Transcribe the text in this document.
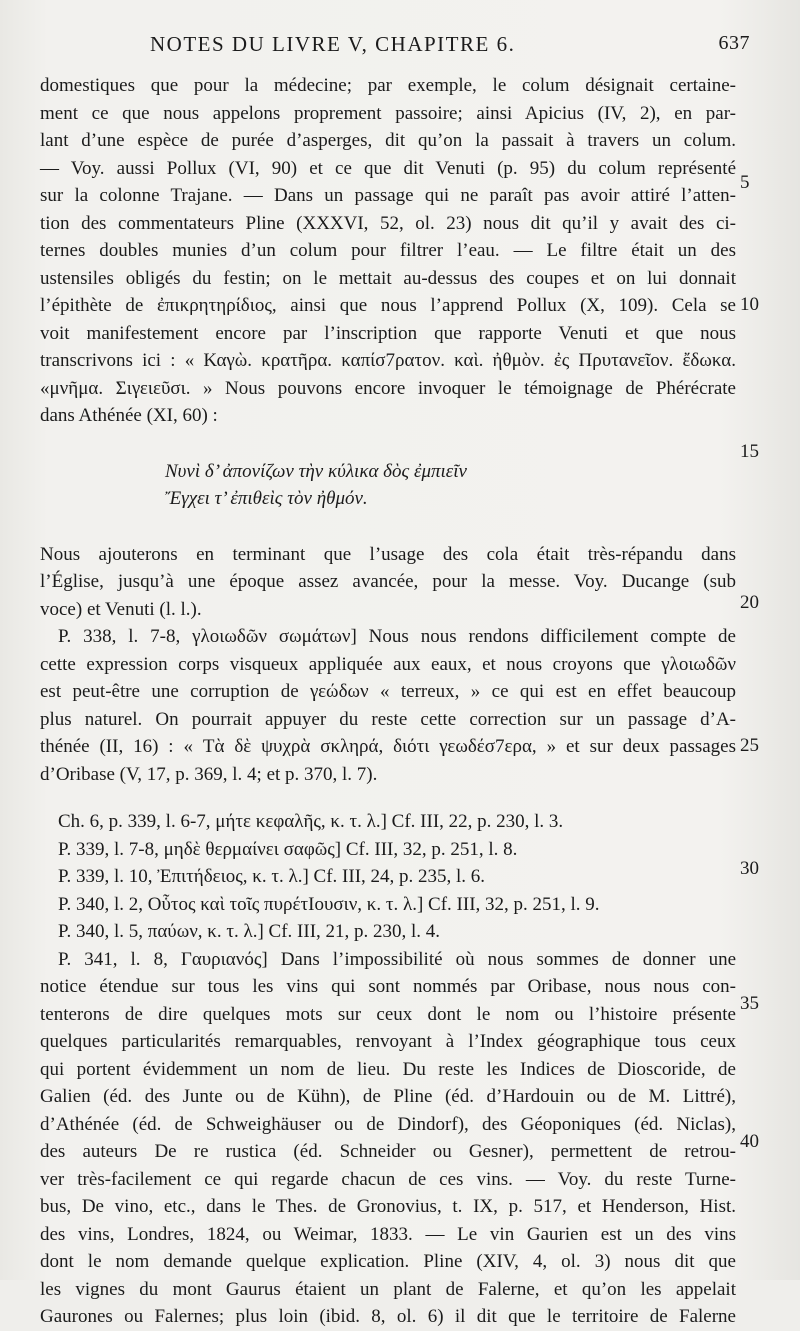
NOTES DU LIVRE V, CHAPITRE 6.	637
domestiques que pour la médecine; par exemple, le colum désignait certaine-
ment ce que nous appelons proprement passoire; ainsi Apicius (IV, 2), en par-
lant d’une espèce de purée d’asperges, dit qu’on la passait à travers un colum.
— Voy. aussi Pollux (VI, 90) et ce que dit Venuti (p. 95) du colum représenté
sur la colonne Trajane. — Dans un passage qui ne paraît pas avoir attiré l’atten-
tion des commentateurs Pline (XXXVI, 52, ol. 23) nous dit qu’il y avait des ci-
ternes doubles munies d’un colum pour filtrer l’eau. — Le filtre était un des
ustensiles obligés du festin; on le mettait au-dessus des coupes et on lui donnait
l’épithète de ἐπικρητηρίδιος, ainsi que nous l’apprend Pollux (X, 109). Cela se
voit manifestement encore par l’inscription que rapporte Venuti et que nous
transcrivons ici : « Καγὼ. κρατῆρα. καπίσ7ρατον. καὶ. ἠθμὸν. ἐς Πρυτανεῖον. ἔδωκα.
«μνῆμα. Σιγειεῦσι. » Nous pouvons encore invoquer le témoignage de Phérécrate
dans Athénée (XI, 60) :
Νυνὶ δ’ ἀπονίζων τὴν κύλικα δὸς ἐμπιεῖν
Ἔγχει τ’ ἐπιθεὶς τὸν ἠθμόν.
Nous ajouterons en terminant que l’usage des cola était très-répandu dans
l’Église, jusqu’à une époque assez avancée, pour la messe. Voy. Ducange (sub
voce) et Venuti (l. l.).
P. 338, l. 7-8, γλοιωδῶν σωμάτων] Nous nous rendons difficilement compte de
cette expression corps visqueux appliquée aux eaux, et nous croyons que γλοιωδῶν
est peut-être une corruption de γεώδων « terreux, » ce qui est en effet beaucoup
plus naturel. On pourrait appuyer du reste cette correction sur un passage d’A-
thénée (II, 16) : « Τὰ δὲ ψυχρὰ σκληρά, διότι γεωδέσ7ερα, » et sur deux passages
d’Oribase (V, 17, p. 369, l. 4; et p. 370, l. 7).
Ch. 6, p. 339, l. 6-7, μήτε κεφαλῆς, κ. τ. λ.] Cf. III, 22, p. 230, l. 3.
P. 339, l. 7-8, μηδὲ θερμαίνει σαφῶς] Cf. III, 32, p. 251, l. 8.
P. 339, l. 10, Ἐπιτήδειος, κ. τ. λ.] Cf. III, 24, p. 235, l. 6.
P. 340, l. 2, Οὗτος καὶ τοῖς πυρέτΙουσιν, κ. τ. λ.] Cf. III, 32, p. 251, l. 9.
P. 340, l. 5, παύων, κ. τ. λ.] Cf. III, 21, p. 230, l. 4.
P. 341, l. 8, Γαυριανός] Dans l’impossibilité où nous sommes de donner une
notice étendue sur tous les vins qui sont nommés par Oribase, nous nous con-
tenterons de dire quelques mots sur ceux dont le nom ou l’histoire présente
quelques particularités remarquables, renvoyant à l’Index géographique tous ceux
qui portent évidemment un nom de lieu. Du reste les Indices de Dioscoride, de
Galien (éd. des Junte ou de Kühn), de Pline (éd. d’Hardouin ou de M. Littré),
d’Athénée (éd. de Schweighäuser ou de Dindorf), des Géoponiques (éd. Niclas),
des auteurs De re rustica (éd. Schneider ou Gesner), permettent de retrou-
ver très-facilement ce qui regarde chacun de ces vins. — Voy. du reste Turne-
bus, De vino, etc., dans le Thes. de Gronovius, t. IX, p. 517, et Henderson, Hist.
des vins, Londres, 1824, ou Weimar, 1833. — Le vin Gaurien est un des vins
dont le nom demande quelque explication. Pline (XIV, 4, ol. 3) nous dit que
les vignes du mont Gaurus étaient un plant de Falerne, et qu’on les appelait
Gaurones ou Falernes; plus loin (ibid. 8, ol. 6) il dit que le territoire de Falerne
5
10
15
20
25
30
35
40
